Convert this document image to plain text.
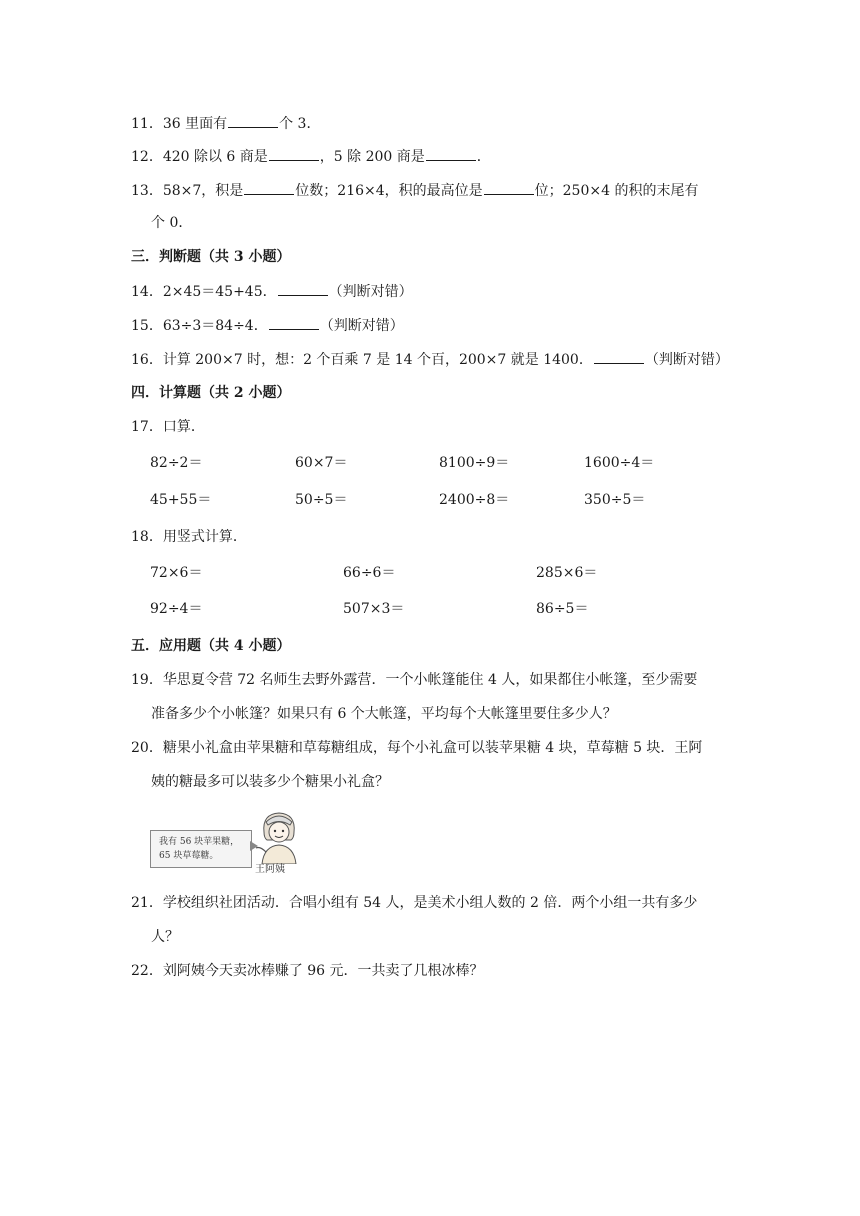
11．36 里面有	个 3．
12．420 除以 6 商是	，5 除 200 商是	．
13．58×7，积是	位数；216×4，积的最高位是	位；250×4 的积的末尾有
个 0．
三．判断题（共 3 小题）
14．2×45＝45+45．	（判断对错）
15．63÷3＝84÷4．	（判断对错）
16．计算 200×7 时，想：2 个百乘 7 是 14 个百，200×7 就是 1400．	（判断对错）
四．计算题（共 2 小题）
17．口算．
82÷2＝	60×7＝	8100÷9＝	1600÷4＝
45+55＝	50÷5＝	2400÷8＝	350÷5＝
18．用竖式计算．
72×6＝	66÷6＝	285×6＝
92÷4＝	507×3＝	86÷5＝
五．应用题（共 4 小题）
19．华思夏令营 72 名师生去野外露营．一个小帐篷能住 4 人，如果都住小帐篷，至少需要
准备多少个小帐篷？如果只有 6 个大帐篷，平均每个大帐篷里要住多少人？
20．糖果小礼盒由苹果糖和草莓糖组成，每个小礼盒可以装苹果糖 4 块，草莓糖 5 块．王阿
姨的糖最多可以装多少个糖果小礼盒？
我有 56 块苹果糖，
65 块草莓糖。
王阿姨
21．学校组织社团活动．合唱小组有 54 人，是美术小组人数的 2 倍．两个小组一共有多少
人？
22．刘阿姨今天卖冰棒赚了 96 元．一共卖了几根冰棒？
